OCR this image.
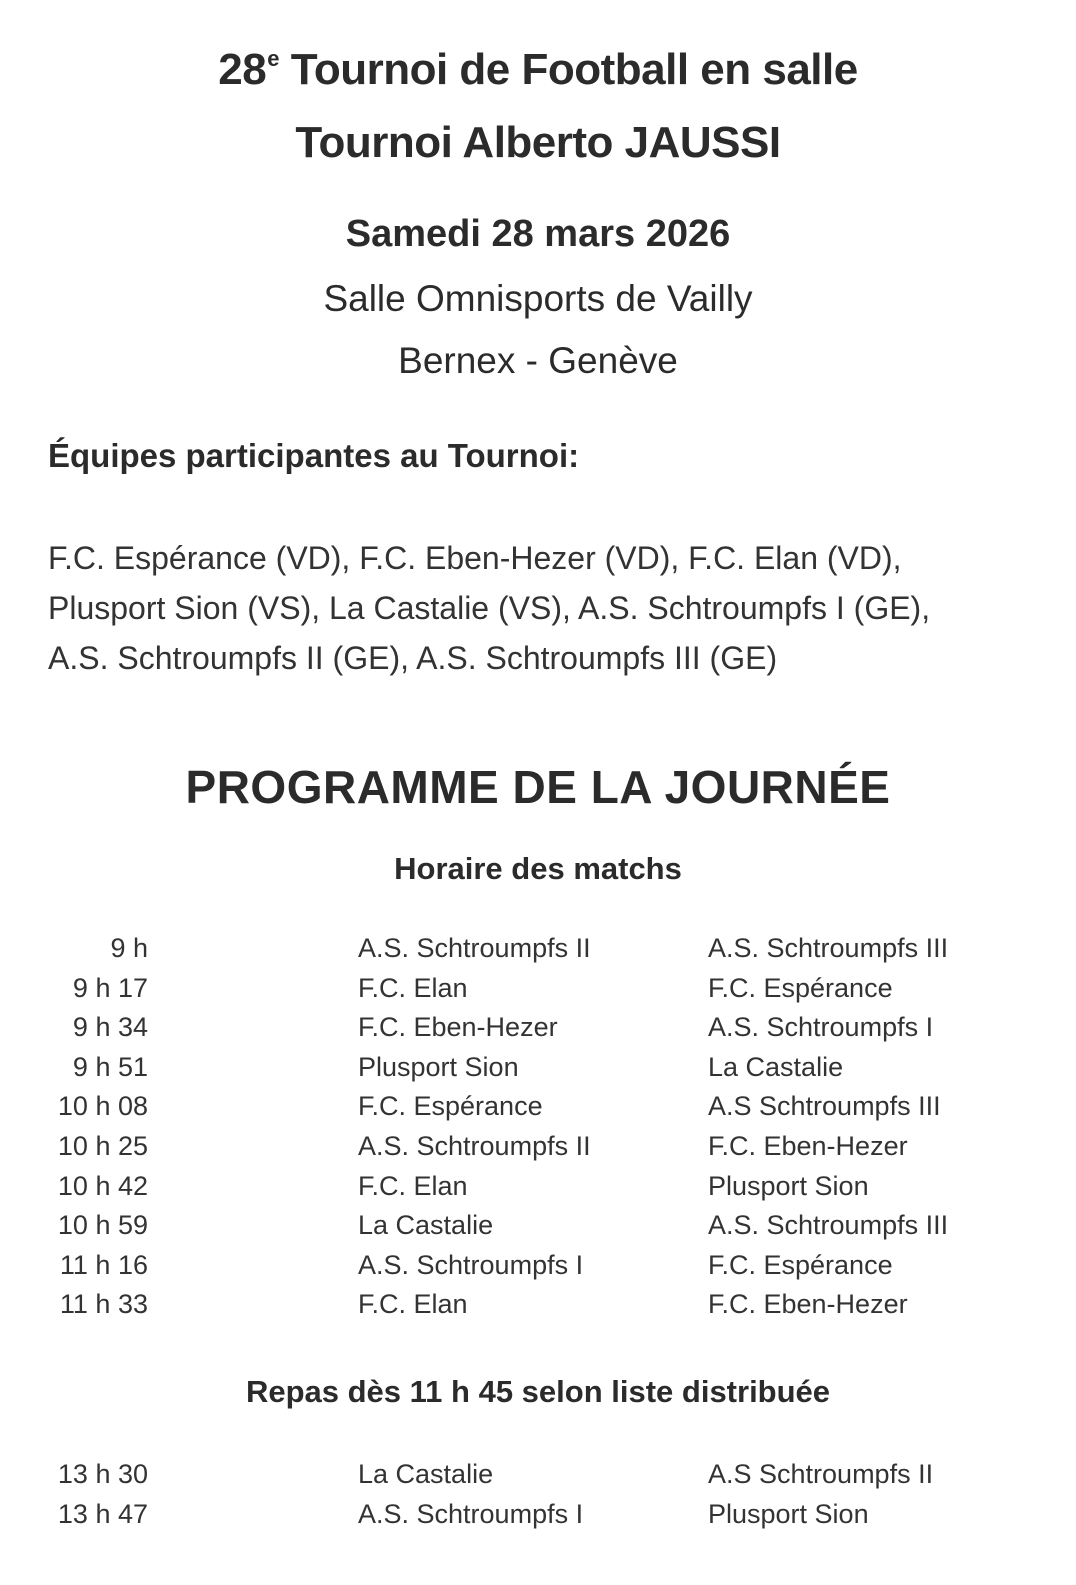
28e Tournoi de Football en salle
Tournoi Alberto JAUSSI
Samedi 28 mars 2026
Salle Omnisports de Vailly
Bernex - Genève
Équipes participantes au Tournoi:
F.C. Espérance (VD), F.C. Eben-Hezer (VD), F.C. Elan (VD),
Plusport Sion (VS), La Castalie (VS), A.S. Schtroumpfs I (GE),
A.S. Schtroumpfs II (GE), A.S. Schtroumpfs III (GE)
PROGRAMME DE LA JOURNÉE
Horaire des matchs
9 h	A.S. Schtroumpfs II	A.S. Schtroumpfs III
9 h 17	F.C. Elan	F.C. Espérance
9 h 34	F.C. Eben-Hezer	A.S. Schtroumpfs I
9 h 51	Plusport Sion	La Castalie
10 h 08	F.C. Espérance	A.S Schtroumpfs III
10 h 25	A.S. Schtroumpfs II	F.C. Eben-Hezer
10 h 42	F.C. Elan	Plusport Sion
10 h 59	La Castalie	A.S. Schtroumpfs III
11 h 16	A.S. Schtroumpfs I	F.C. Espérance
11 h 33	F.C. Elan	F.C. Eben-Hezer
Repas dès 11 h 45 selon liste distribuée
13 h 30	La Castalie	A.S Schtroumpfs II
13 h 47	A.S. Schtroumpfs I	Plusport Sion
